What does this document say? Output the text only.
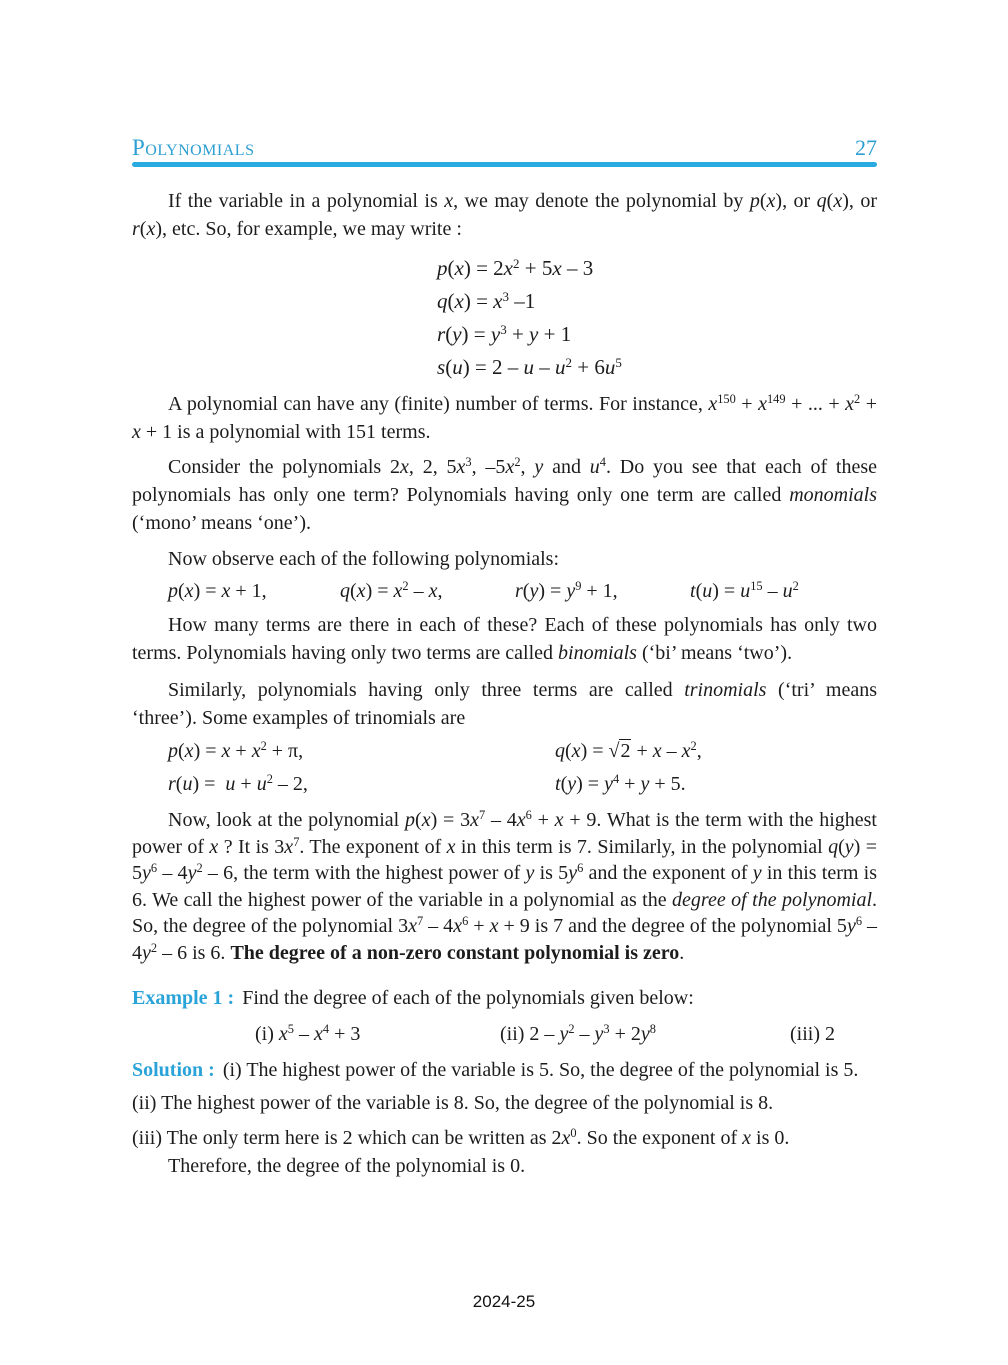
Polynomials	27

If the variable in a polynomial is x, we may denote the polynomial by p(x), or q(x), or r(x), etc. So, for example, we may write :

$p(x) = 2x^2 + 5x - 3$
$q(x) = x^3$ –1
$r(y) = y^3 + y + 1$
$s(u) = 2 - u - u^2 + 6u^5$

A polynomial can have any (finite) number of terms. For instance, $x^{150} + x^{149}$ + ... + $x^2 + x + 1$ is a polynomial with 151 terms.

Consider the polynomials 2x, 2, $5x^3$, $-5x^2$, y and $u^4$. Do you see that each of these polynomials has only one term? Polynomials having only one term are called monomials (‘mono’ means ‘one’).

Now observe each of the following polynomials:

p(x) = x + 1,	$q(x) = x^2 - x$,	$r(y) = y^9 + 1$,	$t(u) = u^{15} - u^2$

How many terms are there in each of these? Each of these polynomials has only two terms. Polynomials having only two terms are called binomials (‘bi’ means ‘two’).

Similarly, polynomials having only three terms are called trinomials (‘tri’ means ‘three’). Some examples of trinomials are

$p(x) = x + x^2 + \pi$,	$q(x) = √2 + x - x^2$,
$r(u) = u + u^2 - 2$,	$t(y) = y^4 + y + 5$.

Now, look at the polynomial $p(x) = 3x^7 - 4x^6 + x + 9$. What is the term with the highest power of x ? It is $3x^7$. The exponent of x in this term is 7. Similarly, in the polynomial $q(y) = 5y^6 - 4y^2 - 6$, the term with the highest power of y is $5y^6$ and the exponent of y in this term is 6. We call the highest power of the variable in a polynomial as the degree of the polynomial. So, the degree of the polynomial $3x^7 - 4x^6 + x + 9$ is 7 and the degree of the polynomial $5y^6 - 4y^2 - 6$ is 6. The degree of a non-zero constant polynomial is zero.

Example 1 : Find the degree of each of the polynomials given below:

(i) $x^5 - x^4 + 3$	(ii) $2 - y^2 - y^3 + 2y^8$	(iii) 2

Solution : (i) The highest power of the variable is 5. So, the degree of the polynomial is 5.

(ii) The highest power of the variable is 8. So, the degree of the polynomial is 8.

(iii) The only term here is 2 which can be written as $2x^0$. So the exponent of x is 0.
Therefore, the degree of the polynomial is 0.

2024-25
